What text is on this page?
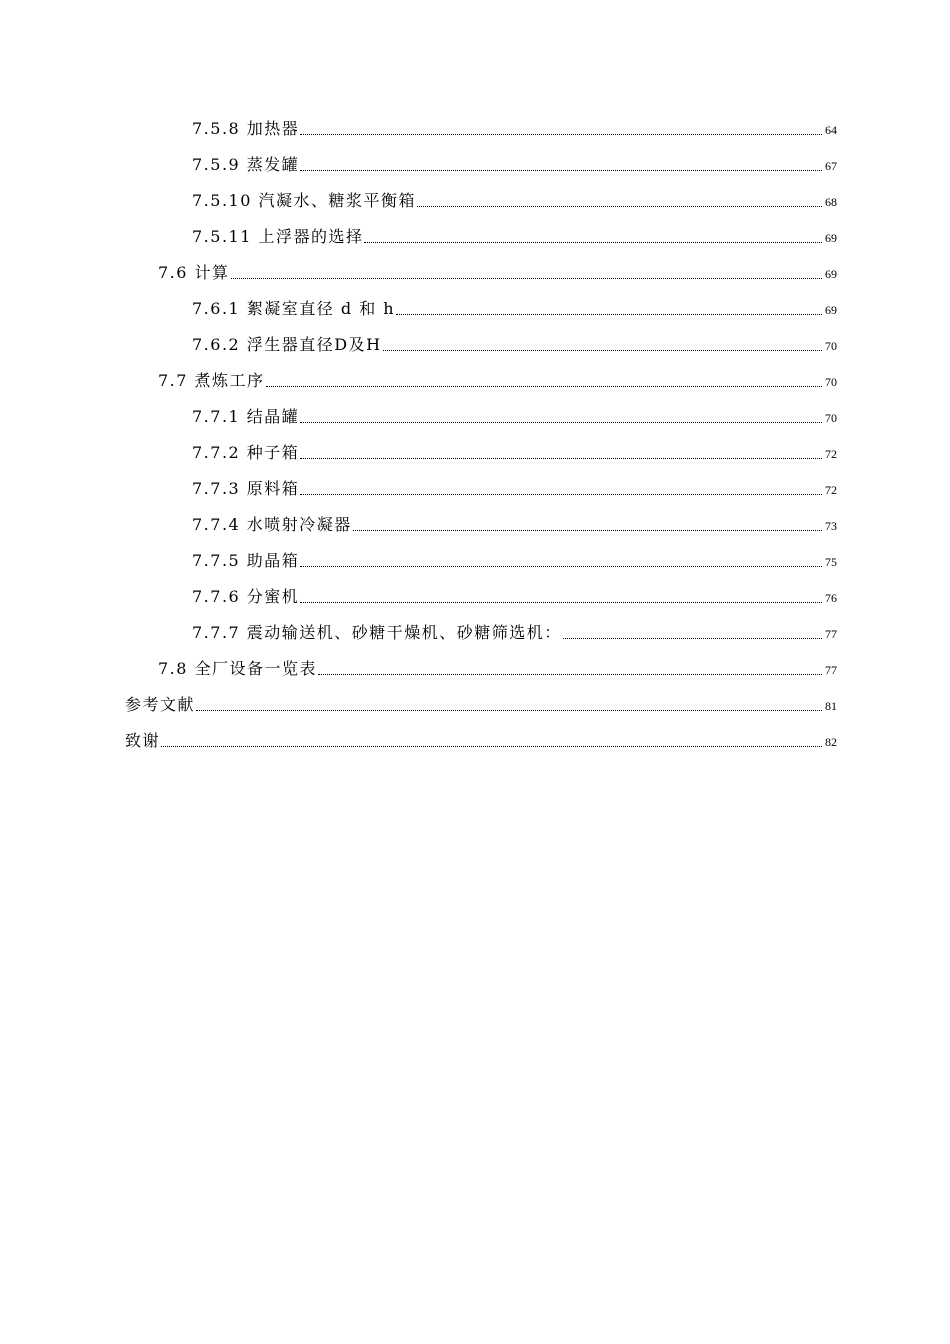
7.5.8 加热器	64
7.5.9 蒸发罐	67
7.5.10 汽凝水、糖浆平衡箱	68
7.5.11 上浮器的选择	69
7.6 计算	69
7.6.1 絮凝室直径 d 和 h	69
7.6.2 浮生器直径D及H	70
7.7 煮炼工序	70
7.7.1 结晶罐	70
7.7.2 种子箱	72
7.7.3 原料箱	72
7.7.4 水喷射冷凝器	73
7.7.5 助晶箱	75
7.7.6 分蜜机	76
7.7.7 震动输送机、砂糖干燥机、砂糖筛选机：	77
7.8 全厂设备一览表	77
参考文献	81
致谢	82
